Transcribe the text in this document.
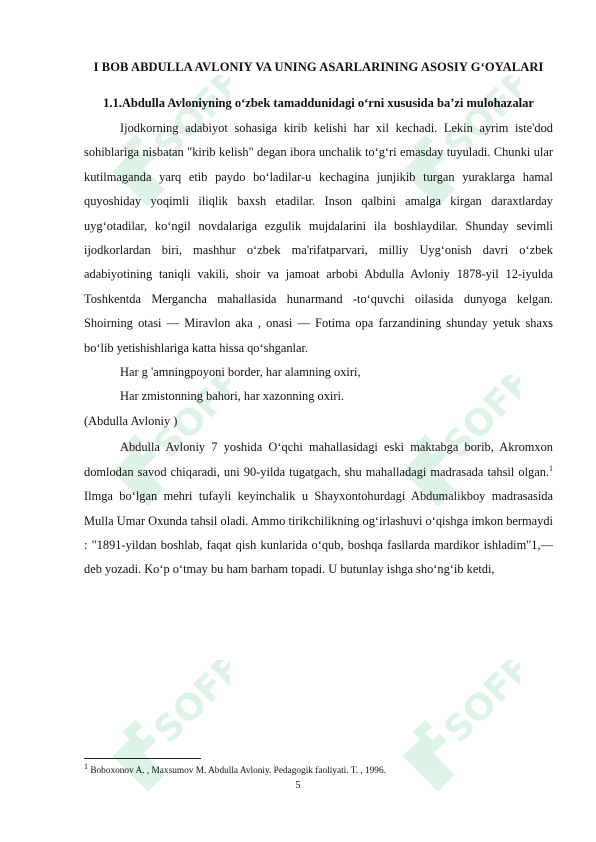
SOFF	SOFF
SOFF	SOFF
SOFF	SOFF
I BOB ABDULLA AVLONIY VA UNING ASARLARINING ASOSIY G‘OYALARI
1.1.Abdulla Avloniyning o‘zbek tamaddunidagi o‘rni xususida ba’zi mulohazalar

Ijodkorning adabiyot sohasiga kirib kelishi har xil kechadi. Lekin ayrim iste'dod sohiblariga nisbatan "kirib kelish" degan ibora unchalik to‘g‘ri emasday tuyuladi. Chunki ular kutilmaganda yarq etib paydo bo‘ladilar-u kechagina junjikib turgan yuraklarga hamal quyoshiday yoqimli iliqlik baxsh etadilar. Inson qalbini amalga kirgan daraxtlarday uyg‘otadilar, ko‘ngil novdalariga ezgulik mujdalarini ila boshlaydilar. Shunday sevimli ijodkorlardan biri, mashhur o‘zbek ma'rifatparvari, milliy Uyg‘onish davri o‘zbek adabiyotining taniqli vakili, shoir va jamoat arbobi Abdulla Avloniy 1878-yil 12-iyulda Toshkentda Mergancha mahallasida hunarmand -to‘quvchi oilasida dunyoga kelgan. Shoirning otasi — Miravlon aka , onasi — Fotima opa farzandining shunday yetuk shaxs bo‘lib yetishishlariga katta hissa qo‘shganlar.

Har g 'amningpoyoni border, har alamning oxiri,
Har zmistonning bahori, har xazonning oxiri.
(Abdulla Avloniy )

Abdulla Avloniy 7 yoshida O‘qchi mahallasidagi eski maktabga borib, Akromxon domlodan savod chiqaradi, uni 90-yilda tugatgach, shu mahalladagi madrasada tahsil olgan.$^1$ Ilmga bo‘lgan mehri tufayli keyinchalik u Shayxontohurdagi Abdumalikboy madrasasida Mulla Umar Oxunda tahsil oladi. Ammo tirikchilikning og‘irlashuvi o‘qishga imkon bermaydi : "1891-yildan boshlab, faqat qish kunlarida o‘qub, boshqa fasllarda mardikor ishladim"1,— deb yozadi. Ko‘p o‘tmay bu ham barham topadi. U butunlay ishga sho‘ng‘ib ketdi,

$^1$ Boboxonov A. , Maxsumov M. Abdulla Avloniy. Pedagogik faoliyati. T. , 1996.
5
